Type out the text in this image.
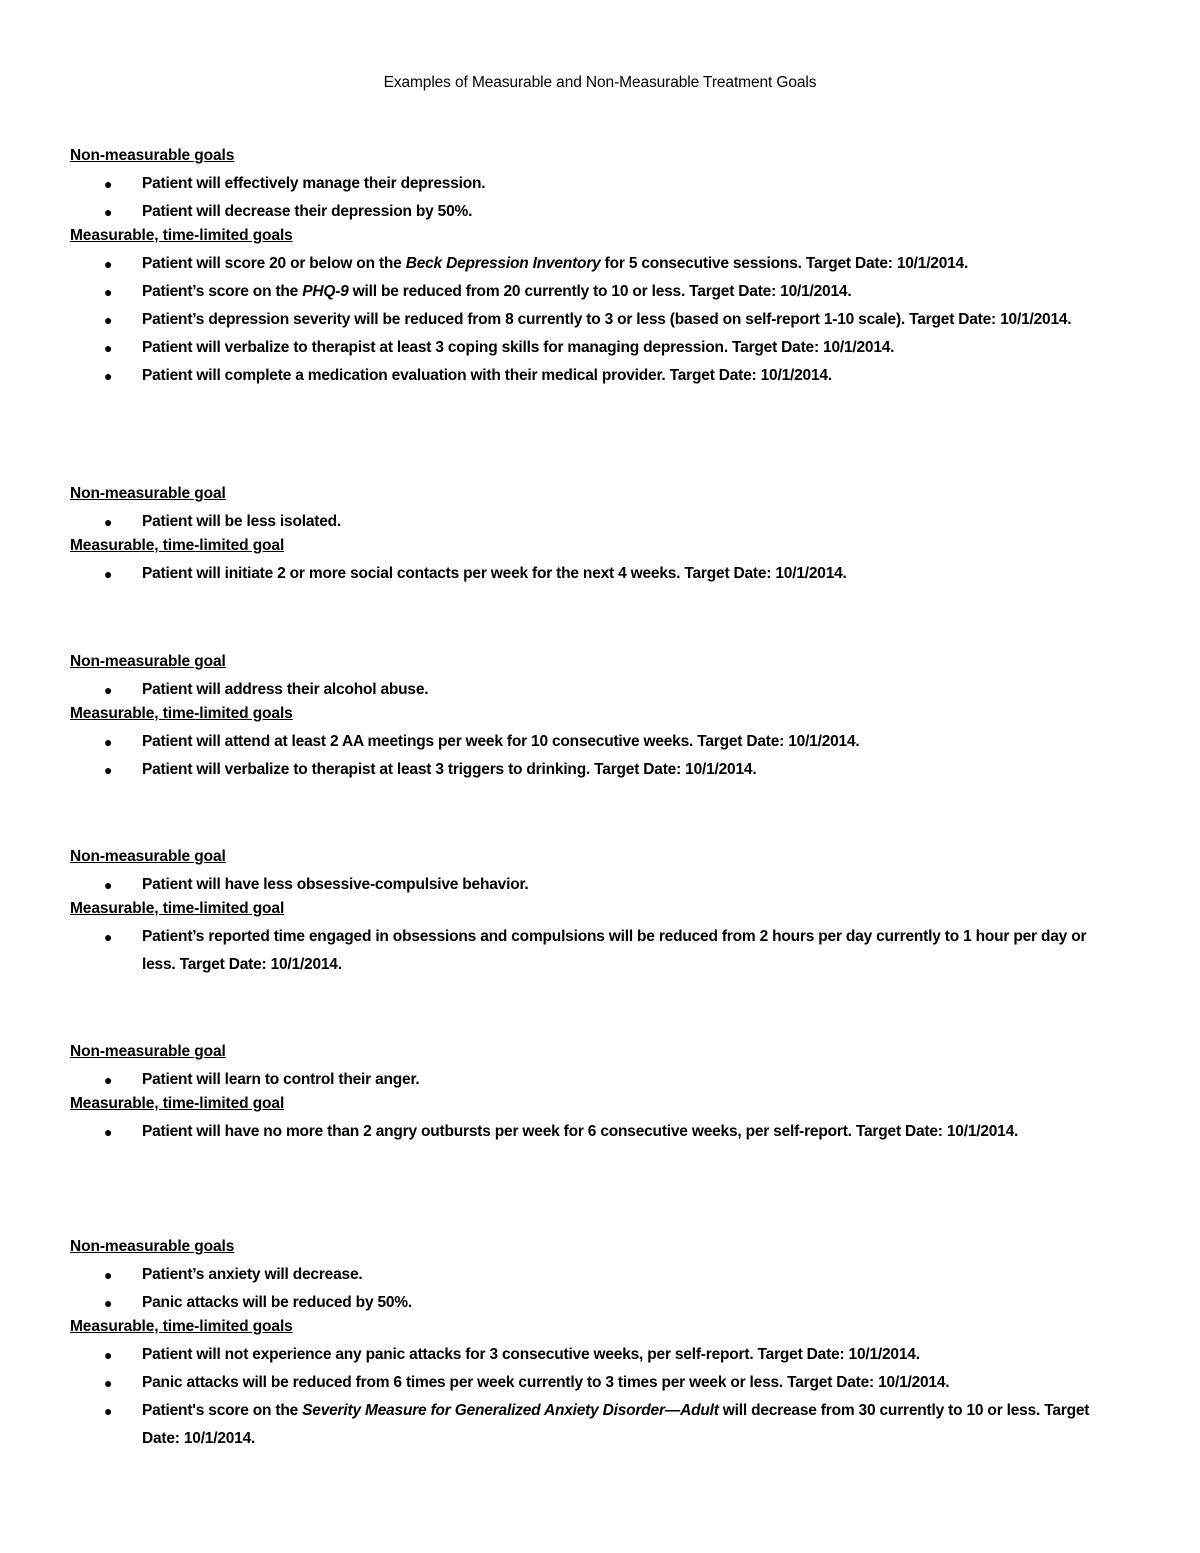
Examples of Measurable and Non-Measurable Treatment Goals
Non-measurable goals
● Patient will effectively manage their depression.
● Patient will decrease their depression by 50%.
Measurable, time-limited goals
● Patient will score 20 or below on the Beck Depression Inventory for 5 consecutive sessions. Target Date: 10/1/2014.
● Patient’s score on the PHQ-9 will be reduced from 20 currently to 10 or less. Target Date: 10/1/2014.
● Patient’s depression severity will be reduced from 8 currently to 3 or less (based on self-report 1-10 scale). Target Date: 10/1/2014.
● Patient will verbalize to therapist at least 3 coping skills for managing depression. Target Date: 10/1/2014.
● Patient will complete a medication evaluation with their medical provider. Target Date: 10/1/2014.
Non-measurable goal
● Patient will be less isolated.
Measurable, time-limited goal
● Patient will initiate 2 or more social contacts per week for the next 4 weeks. Target Date: 10/1/2014.
Non-measurable goal
● Patient will address their alcohol abuse.
Measurable, time-limited goals
● Patient will attend at least 2 AA meetings per week for 10 consecutive weeks. Target Date: 10/1/2014.
● Patient will verbalize to therapist at least 3 triggers to drinking. Target Date: 10/1/2014.
Non-measurable goal
● Patient will have less obsessive-compulsive behavior.
Measurable, time-limited goal
● Patient’s reported time engaged in obsessions and compulsions will be reduced from 2 hours per day currently to 1 hour per day or less. Target Date: 10/1/2014.
Non-measurable goal
● Patient will learn to control their anger.
Measurable, time-limited goal
● Patient will have no more than 2 angry outbursts per week for 6 consecutive weeks, per self-report. Target Date: 10/1/2014.
Non-measurable goals
● Patient’s anxiety will decrease.
● Panic attacks will be reduced by 50%.
Measurable, time-limited goals
● Patient will not experience any panic attacks for 3 consecutive weeks, per self-report. Target Date: 10/1/2014.
● Panic attacks will be reduced from 6 times per week currently to 3 times per week or less. Target Date: 10/1/2014.
● Patient's score on the Severity Measure for Generalized Anxiety Disorder—Adult will decrease from 30 currently to 10 or less. Target Date: 10/1/2014.
